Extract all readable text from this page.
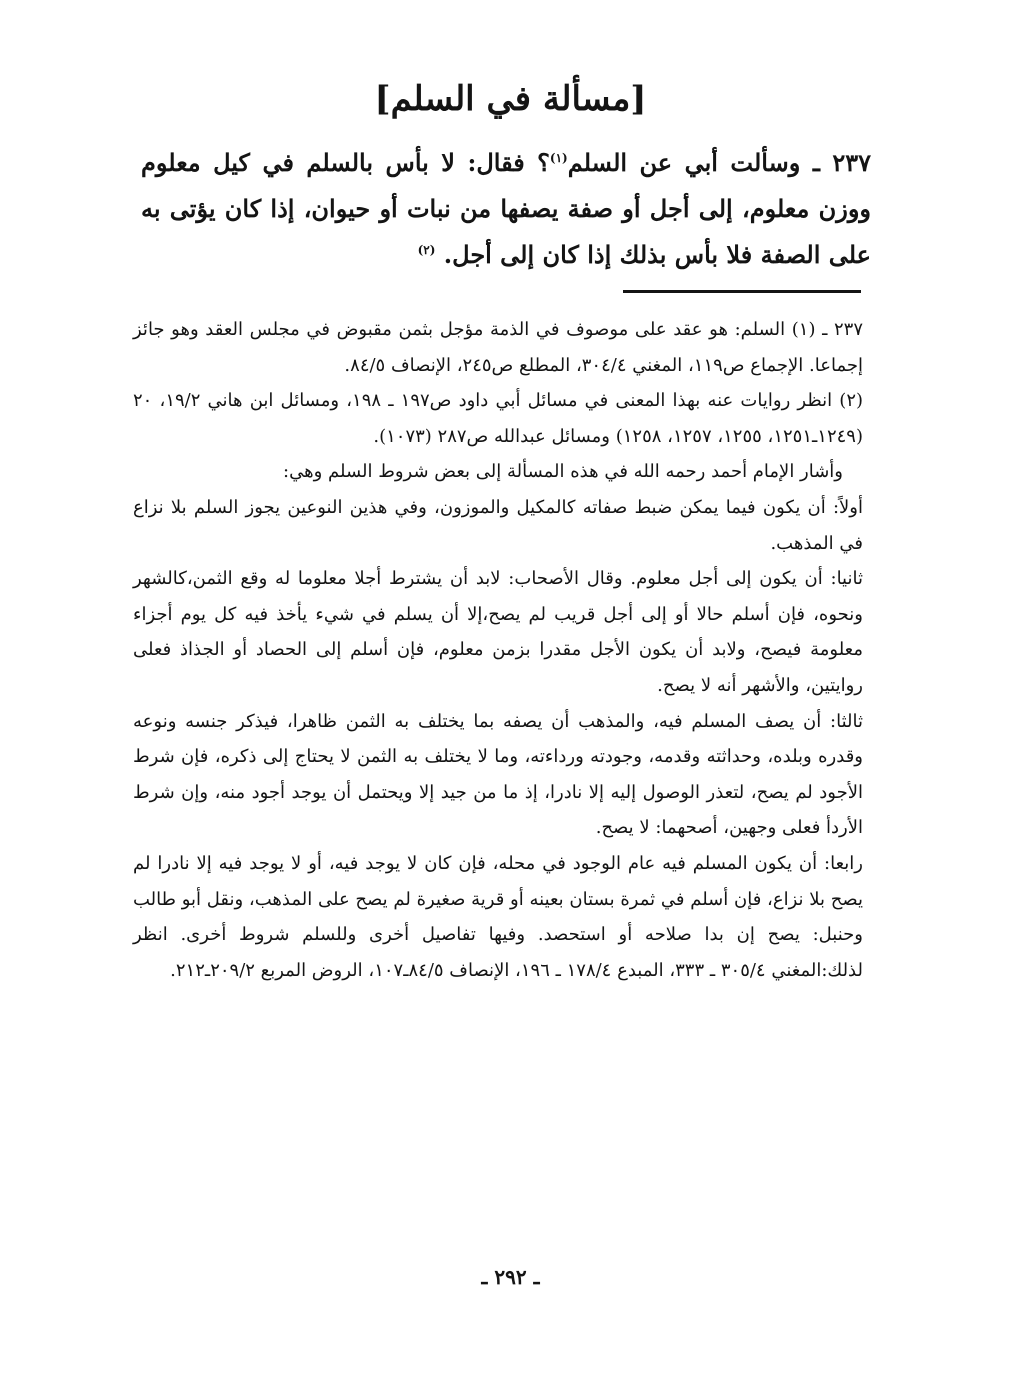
[مسألة في السلم]
٢٣٧ ـ وسألت أبي عن السلم$^{(١)}$؟ فقال: لا بأس بالسلم في كيل معلوم ووزن معلوم، إلى أجل أو صفة يصفها من نبات أو حيوان، إذا كان يؤتى به على الصفة فلا بأس بذلك إذا كان إلى أجل. $^{(٢)}$

٢٣٧ ـ (١) السلم: هو عقد على موصوف في الذمة مؤجل بثمن مقبوض في مجلس العقد وهو جائز إجماعا. الإجماع ص١١٩، المغني ٣٠٤/٤، المطلع ص٢٤٥، الإنصاف ٨٤/٥.

(٢) انظر روايات عنه بهذا المعنى في مسائل أبي داود ص١٩٧ ـ ١٩٨، ومسائل ابن هاني ١٩/٢، ٢٠ (١٢٤٩ـ١٢٥١، ١٢٥٥، ١٢٥٧، ١٢٥٨) ومسائل عبدالله ص٢٨٧ (١٠٧٣).

وأشار الإمام أحمد رحمه الله في هذه المسألة إلى بعض شروط السلم وهي:

أولاً: أن يكون فيما يمكن ضبط صفاته كالمكيل والموزون، وفي هذين النوعين يجوز السلم بلا نزاع في المذهب.

ثانيا: أن يكون إلى أجل معلوم. وقال الأصحاب: لابد أن يشترط أجلا معلوما له وقع الثمن،كالشهر ونحوه، فإن أسلم حالا أو إلى أجل قريب لم يصح،إلا أن يسلم في شيء يأخذ فيه كل يوم أجزاء معلومة فيصح، ولابد أن يكون الأجل مقدرا بزمن معلوم، فإن أسلم إلى الحصاد أو الجذاذ فعلى روايتين، والأشهر أنه لا يصح.

ثالثا: أن يصف المسلم فيه، والمذهب أن يصفه بما يختلف به الثمن ظاهرا، فيذكر جنسه ونوعه وقدره وبلده، وحداثته وقدمه، وجودته ورداءته، وما لا يختلف به الثمن لا يحتاج إلى ذكره، فإن شرط الأجود لم يصح، لتعذر الوصول إليه إلا نادرا، إذ ما من جيد إلا ويحتمل أن يوجد أجود منه، وإن شرط الأردأ فعلى وجهين، أصحهما: لا يصح.

رابعا: أن يكون المسلم فيه عام الوجود في محله، فإن كان لا يوجد فيه، أو لا يوجد فيه إلا نادرا لم يصح بلا نزاع، فإن أسلم في ثمرة بستان بعينه أو قرية صغيرة لم يصح على المذهب، ونقل أبو طالب وحنبل: يصح إن بدا صلاحه أو استحصد. وفيها تفاصيل أخرى وللسلم شروط أخرى. انظر لذلك:المغني ٣٠٥/٤ ـ ٣٣٣، المبدع ١٧٨/٤ ـ ١٩٦، الإنصاف ٨٤/٥ـ١٠٧، الروض المربع ٢٠٩/٢ـ٢١٢.

ـ ٢٩٢ ـ
